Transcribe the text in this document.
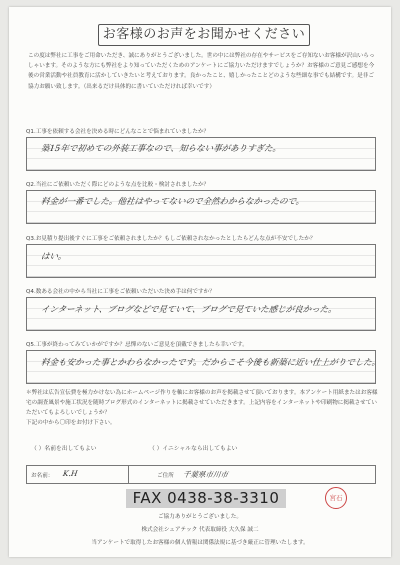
お客様のお声をお聞かせください
この度は弊社に工事をご用命いただき、誠にありがとうございました。世の中には弊社の存在やサービスをご存知ないお客様が沢山いらっしゃいます。そのような方にも弊社をより知っていただくためのアンケートにご協力いただけますでしょうか？お客様のご意見ご感想を今後の営業活動や社員教育に活かしていきたいと考えております。良かったこと、嬉しかったことどのような些細な事でも結構です。是非ご協力お願い致します。（出来るだけ具体的に書いていただければ幸いです）
Q1.工事を依頼する会社を決める時にどんなことで悩まれていましたか？
築15年で初めての外装工事なので、知らない事がありすぎた。
Q2.当社にご依頼いただく際にどのような点を比較・検討されましたか？
料金が一番でした。他社はやってないので全然わからなかったので。
Q3.お見積り提出後すぐに工事をご依頼されましたか？もしご依頼されなかったとしたらどんな点が不安でしたか？
はい。
Q4.数ある会社の中から当社に工事をご依頼いただいた決め手は何ですか？
インターネット、ブログなどで見ていて、ブログで見ていた感じが良かった。
Q5.工事が終わってみていかがですか？忌憚のないご意見を頂戴できましたら幸いです。
料金も安かった事とかわらなかったです。だからこそ今後も新築に近い仕上がりでした。
＊弊社は広告宣伝費を極力かけない為にホームページ作りを軸にお客様のお声を掲載させて頂いております。本アンケート用紙またはお客様宅の調査風景や施工状況を随時ブログ形式のインターネットに掲載させていただきます。上記内容をインターネットや印刷物に掲載させていただいてもよろしいでしょうか？
下記の中から〇印をお付け下さい。
（ ）名前を出してもよい	（ ）イニシャルなら出してもよい
お名前： K.H	ご住所 千葉県市川市
FAX 0438-38-3310	宮石
ご協力ありがとうございました。
株式会社シェアテック 代表取締役 大久保 誠二
当アンケートで取得したお客様の個人情報は関係法規に基づき厳正に管理いたします。
